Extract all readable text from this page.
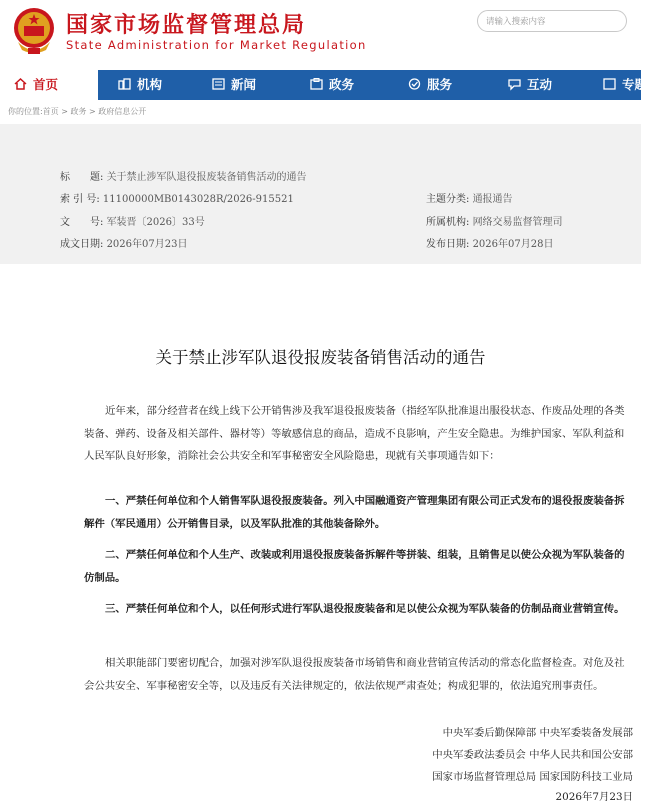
国家市场监督管理总局
State Administration for Market Regulation
请输入搜索内容
首页	机构	新闻	政务	服务	互动	专题
你的位置:首页 > 政务 > 政府信息公开
标　　题: 关于禁止涉军队退役报废装备销售活动的通告
索 引 号: 11100000MB0143028R/2026-915521	主题分类: 通报通告
文　　号: 军装晋〔2026〕33号	所属机构: 网络交易监督管理司
成文日期: 2026年07月23日	发布日期: 2026年07月28日
关于禁止涉军队退役报废装备销售活动的通告
近年来，部分经营者在线上线下公开销售涉及我军退役报废装备（指经军队批准退出服役状态、作废品处理的各类装备、弹药、设备及相关部件、器材等）等敏感信息的商品，造成不良影响，产生安全隐患。为维护国家、军队利益和人民军队良好形象，消除社会公共安全和军事秘密安全风险隐患，现就有关事项通告如下：
一、严禁任何单位和个人销售军队退役报废装备。列入中国融通资产管理集团有限公司正式发布的退役报废装备拆解件（军民通用）公开销售目录，以及军队批准的其他装备除外。
二、严禁任何单位和个人生产、改装或利用退役报废装备拆解件等拼装、组装，且销售足以使公众视为军队装备的仿制品。
三、严禁任何单位和个人，以任何形式进行军队退役报废装备和足以使公众视为军队装备的仿制品商业营销宣传。
相关职能部门要密切配合，加强对涉军队退役报废装备市场销售和商业营销宣传活动的常态化监督检查。对危及社会公共安全、军事秘密安全等，以及违反有关法律规定的，依法依规严肃查处；构成犯罪的，依法追究刑事责任。
中央军委后勤保障部 中央军委装备发展部
中央军委政法委员会 中华人民共和国公安部
国家市场监督管理总局 国家国防科技工业局
2026年7月23日
